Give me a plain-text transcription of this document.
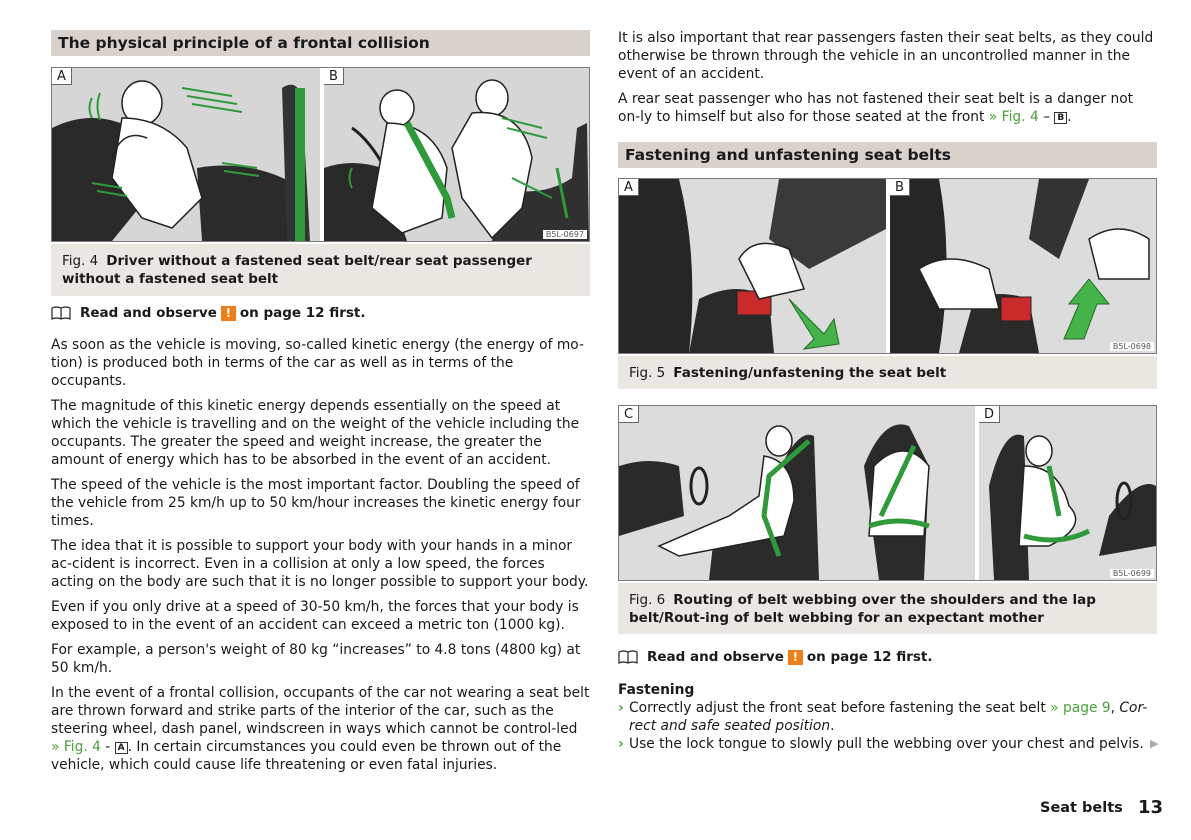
The physical principle of a frontal collision
A	B
B5L-0697
Fig. 4 Driver without a fastened seat belt/rear seat passenger without a fastened seat belt
Read and observe ! on page 12 first.

As soon as the vehicle is moving, so-called kinetic energy (the energy of mo-tion) is produced both in terms of the car as well as in terms of the occupants.

The magnitude of this kinetic energy depends essentially on the speed at which the vehicle is travelling and on the weight of the vehicle including the occupants. The greater the speed and weight increase, the greater the amount of energy which has to be absorbed in the event of an accident.

The speed of the vehicle is the most important factor. Doubling the speed of the vehicle from 25 km/h up to 50 km/hour increases the kinetic energy four times.

The idea that it is possible to support your body with your hands in a minor ac-cident is incorrect. Even in a collision at only a low speed, the forces acting on the body are such that it is no longer possible to support your body.

Even if you only drive at a speed of 30-50 km/h, the forces that your body is exposed to in the event of an accident can exceed a metric ton (1000 kg).

For example, a person's weight of 80 kg “increases” to 4.8 tons (4800 kg) at 50 km/h.

In the event of a frontal collision, occupants of the car not wearing a seat belt are thrown forward and strike parts of the interior of the car, such as the steering wheel, dash panel, windscreen in ways which cannot be control-led » Fig. 4 - A . In certain circumstances you could even be thrown out of the vehicle, which could cause life threatening or even fatal injuries.

It is also important that rear passengers fasten their seat belts, as they could otherwise be thrown through the vehicle in an uncontrolled manner in the event of an accident.

A rear seat passenger who has not fastened their seat belt is a danger not on-ly to himself but also for those seated at the front » Fig. 4 – B .

Fastening and unfastening seat belts
A	B
B5L-0698
Fig. 5 Fastening/unfastening the seat belt
C	D
B5L-0699
Fig. 6 Routing of belt webbing over the shoulders and the lap belt/Rout-ing of belt webbing for an expectant mother
Read and observe ! on page 12 first.
Fastening
› Correctly adjust the front seat before fastening the seat belt » page 9, Cor-rect and safe seated position.
› Use the lock tongue to slowly pull the webbing over your chest and pelvis. ▶
Seat belts 13
